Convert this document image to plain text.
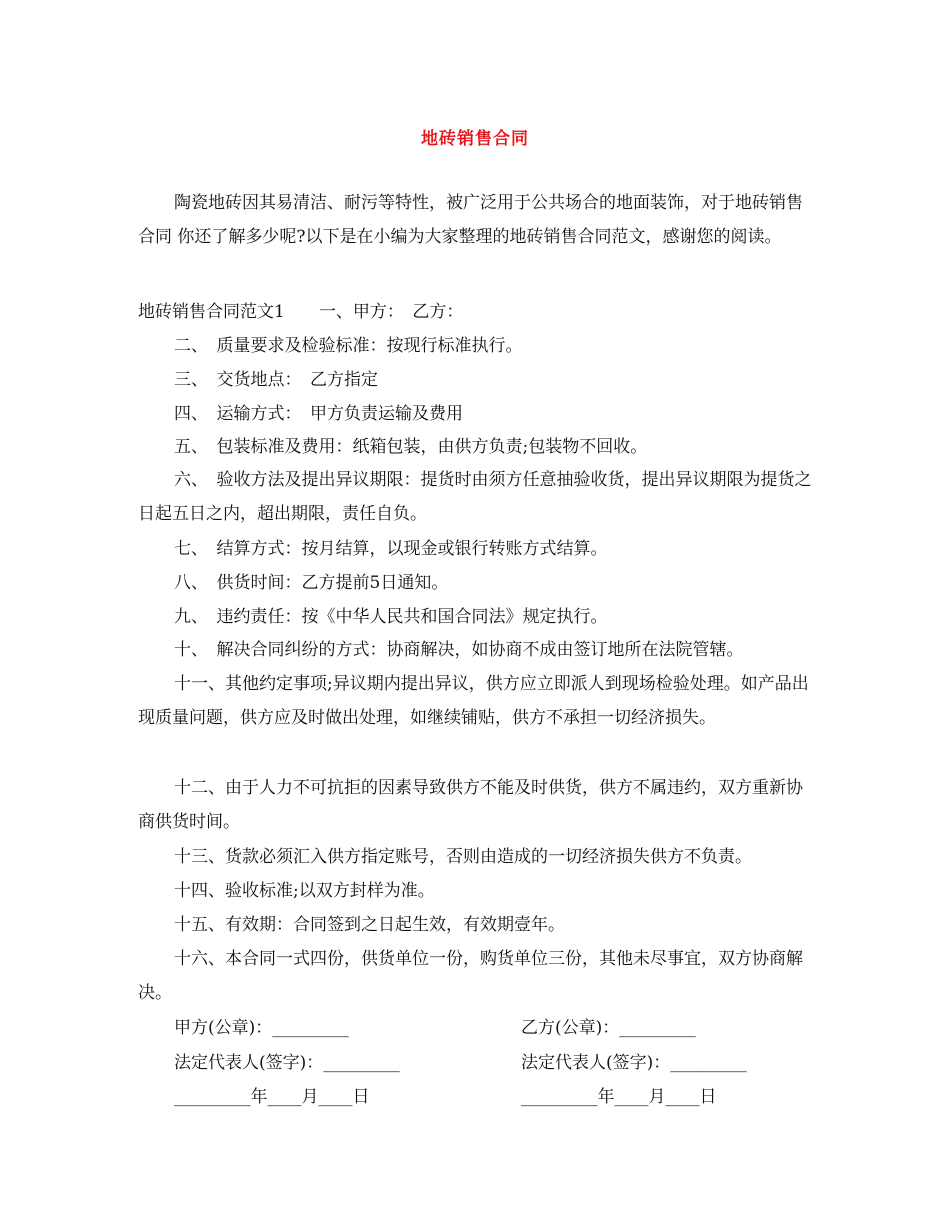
地砖销售合同
陶瓷地砖因其易清洁、耐污等特性，被广泛用于公共场合的地面装饰，对于地砖销售合同 你还了解多少呢?以下是在小编为大家整理的地砖销售合同范文，感谢您的阅读。
地砖销售合同范文1　　一、甲方：　乙方：
二、　质量要求及检验标准：按现行标准执行。
三、　交货地点：　乙方指定
四、　运输方式：　甲方负责运输及费用
五、　包装标准及费用：纸箱包装，由供方负责;包装物不回收。
六、　验收方法及提出异议期限：提货时由须方任意抽验收货，提出异议期限为提货之日起五日之内，超出期限，责任自负。
七、　结算方式：按月结算，以现金或银行转账方式结算。
八、　供货时间：乙方提前5日通知。
九、　违约责任：按《中华人民共和国合同法》规定执行。
十、　解决合同纠纷的方式：协商解决，如协商不成由签订地所在法院管辖。
十一、其他约定事项;异议期内提出异议，供方应立即派人到现场检验处理。如产品出现质量问题，供方应及时做出处理，如继续铺贴，供方不承担一切经济损失。
十二、由于人力不可抗拒的因素导致供方不能及时供货，供方不属违约，双方重新协商供货时间。
十三、货款必须汇入供方指定账号，否则由造成的一切经济损失供方不负责。
十四、验收标准;以双方封样为准。
十五、有效期：合同签到之日起生效，有效期壹年。
十六、本合同一式四份，供货单位一份，购货单位三份，其他未尽事宜，双方协商解决。
甲方(公章)：_________	乙方(公章)：_________
法定代表人(签字)：_________	法定代表人(签字)：_________
_________年____月____日	_________年____月____日
